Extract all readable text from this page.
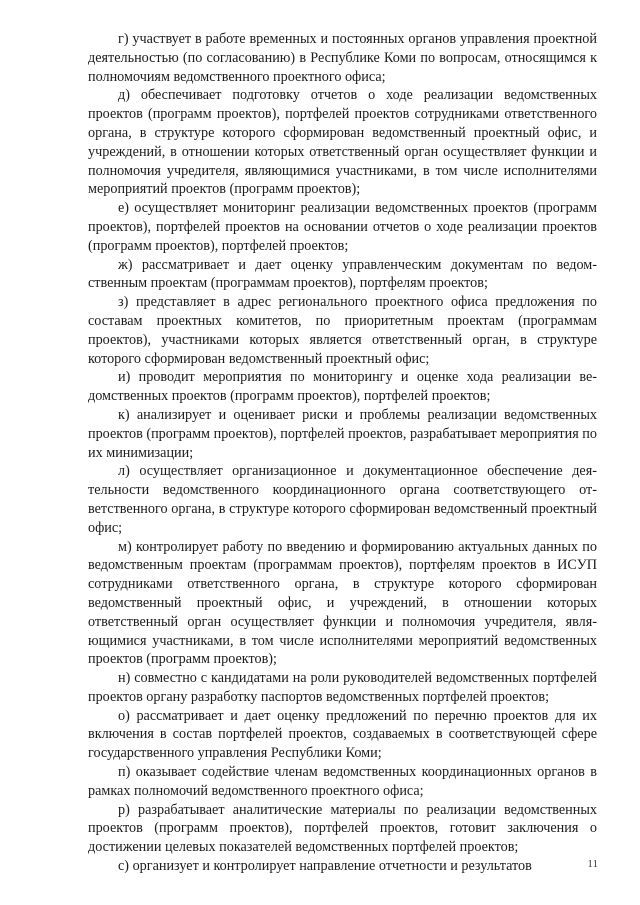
г) участвует в работе временных и постоянных органов управления проектной деятельностью (по согласованию) в Республике Коми по вопросам, относящимся к полномочиям ведомственного проектного офиса;

д) обеспечивает подготовку отчетов о ходе реализации ведомственных проектов (программ проектов), портфелей проектов сотрудниками ответственного органа, в структуре которого сформирован ведомственный проектный офис, и учреждений, в отношении которых ответственный орган осуществляет функции и полномочия учредителя, являющимися участниками, в том числе исполнителями мероприятий проектов (программ проектов);

е) осуществляет мониторинг реализации ведомственных проектов (программ проектов), портфелей проектов на основании отчетов о ходе реализации проектов (программ проектов), портфелей проектов;

ж) рассматривает и дает оценку управленческим документам по ведомственным проектам (программам проектов), портфелям проектов;

з) представляет в адрес регионального проектного офиса предложения по составам проектных комитетов, по приоритетным проектам (программам проектов), участниками которых является ответственный орган, в структуре которого сформирован ведомственный проектный офис;

и) проводит мероприятия по мониторингу и оценке хода реализации ведомственных проектов (программ проектов), портфелей проектов;

к) анализирует и оценивает риски и проблемы реализации ведомственных проектов (программ проектов), портфелей проектов, разрабатывает мероприятия по их минимизации;

л) осуществляет организационное и документационное обеспечение деятельности ведомственного координационного органа соответствующего ответственного органа, в структуре которого сформирован ведомственный проектный офис;

м) контролирует работу по введению и формированию актуальных данных по ведомственным проектам (программам проектов), портфелям проектов в ИСУП сотрудниками ответственного органа, в структуре которого сформирован ведомственный проектный офис, и учреждений, в отношении которых ответственный орган осуществляет функции и полномочия учредителя, являющимися участниками, в том числе исполнителями мероприятий ведомственных проектов (программ проектов);

н) совместно с кандидатами на роли руководителей ведомственных портфелей проектов органу разработку паспортов ведомственных портфелей проектов;

о) рассматривает и дает оценку предложений по перечню проектов для их включения в состав портфелей проектов, создаваемых в соответствующей сфере государственного управления Республики Коми;

п) оказывает содействие членам ведомственных координационных органов в рамках полномочий ведомственного проектного офиса;

р) разрабатывает аналитические материалы по реализации ведомственных проектов (программ проектов), портфелей проектов, готовит заключения о достижении целевых показателей ведомственных портфелей проектов;

с) организует и контролирует направление отчетности и результатов	11
